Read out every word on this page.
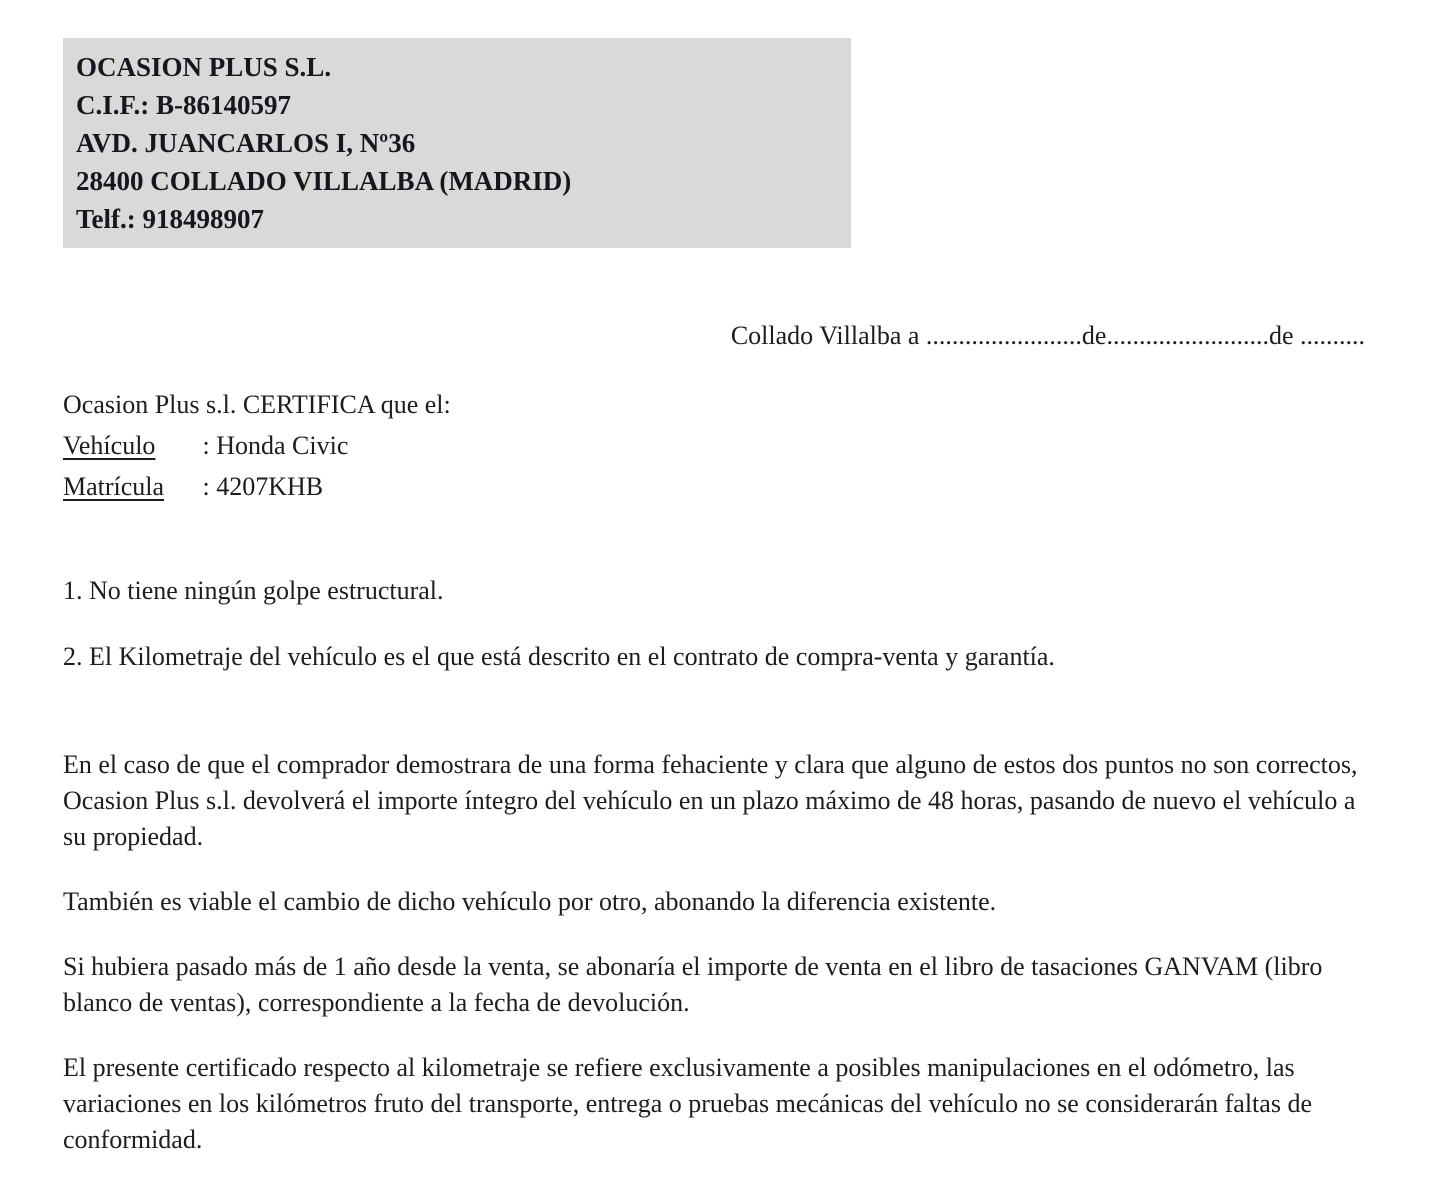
OCASION PLUS S.L.
C.I.F.: B-86140597
AVD. JUANCARLOS I, Nº36
28400 COLLADO VILLALBA (MADRID)
Telf.: 918498907
Collado Villalba a ........................de.........................de ..........
Ocasion Plus s.l. CERTIFICA que el:
Vehículo : Honda Civic
Matrícula : 4207KHB
1. No tiene ningún golpe estructural.
2. El Kilometraje del vehículo es el que está descrito en el contrato de compra-venta y garantía.

En el caso de que el comprador demostrara de una forma fehaciente y clara que alguno de estos dos puntos no son correctos, Ocasion Plus s.l. devolverá el importe íntegro del vehículo en un plazo máximo de 48 horas, pasando de nuevo el vehículo a su propiedad.

También es viable el cambio de dicho vehículo por otro, abonando la diferencia existente.

Si hubiera pasado más de 1 año desde la venta, se abonaría el importe de venta en el libro de tasaciones GANVAM (libro blanco de ventas), correspondiente a la fecha de devolución.

El presente certificado respecto al kilometraje se refiere exclusivamente a posibles manipulaciones en el odómetro, las variaciones en los kilómetros fruto del transporte, entrega o pruebas mecánicas del vehículo no se considerarán faltas de conformidad.
